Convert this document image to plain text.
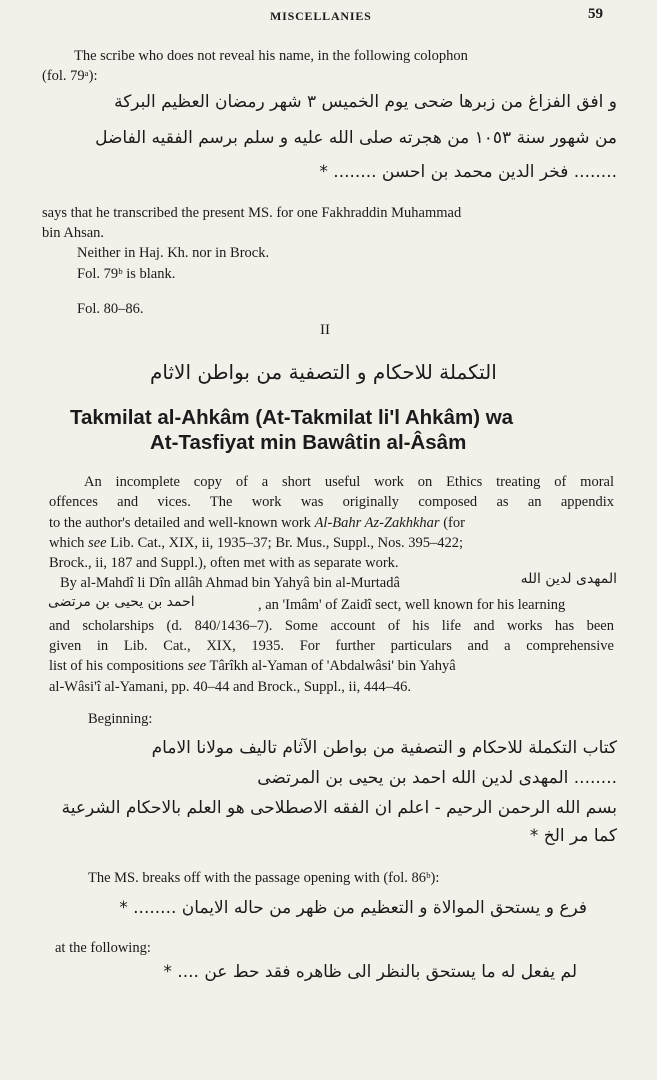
MISCELLANIES	59
The scribe who does not reveal his name, in the following colophon
(fol. 79ᵃ):
و افق الفزاغ من زبرها ضحى يوم الخميس ٣ شهر رمضان العظيم البركة
من شهور سنة ١٠٥٣ من هجرته صلى الله عليه و سلم برسم الفقيه الفاضل
........ فخر الدين محمد بن احسن ........ *
says that he transcribed the present MS. for one Fakhraddin Muhammad
bin Ahsan.
Neither in Haj. Kh. nor in Brock.
Fol. 79ᵇ is blank.
Fol. 80–86.
II
التكملة للاحكام و التصفية من بواطن الاثام
Takmilat al-Ahkâm (At-Takmilat li'l Ahkâm) wa
At-Tasfiyat min Bawâtin al-Âsâm
An incomplete copy of a short useful work on Ethics treating of moral
offences and vices. The work was originally composed as an appendix
to the author's detailed and well-known work Al-Bahr Az-Zakhkhar (for
which see Lib. Cat., XIX, ii, 1935–37; Br. Mus., Suppl., Nos. 395–422;
Brock., ii, 187 and Suppl.), often met with as separate work.
By al-Mahdî li Dîn allâh Ahmad bin Yahyâ bin al-Murtadâ	المهدى لدين الله
احمد بن يحيى بن مرتضى	, an 'Imâm' of Zaidî sect, well known for his learning
and scholarships (d. 840/1436–7). Some account of his life and works has been
given in Lib. Cat., XIX, 1935. For further particulars and a comprehensive
list of his compositions see Târîkh al-Yaman of 'Abdalwâsi' bin Yahyâ
al-Wâsi'î al-Yamani, pp. 40–44 and Brock., Suppl., ii, 444–46.
Beginning:
كتاب التكملة للاحكام و التصفية من بواطن الآثام تاليف مولانا الامام
........ المهدى لدين الله احمد بن يحيى بن المرتضى
بسم الله الرحمن الرحيم - اعلم ان الفقه الاصطلاحى هو العلم بالاحكام الشرعية
كما مر الخ *
The MS. breaks off with the passage opening with (fol. 86ᵇ):
فرع و يستحق الموالاة و التعظيم من ظهر من حاله الايمان ........ *
at the following:
لم يفعل له ما يستحق بالنظر الى ظاهره فقد حط عن .... *
